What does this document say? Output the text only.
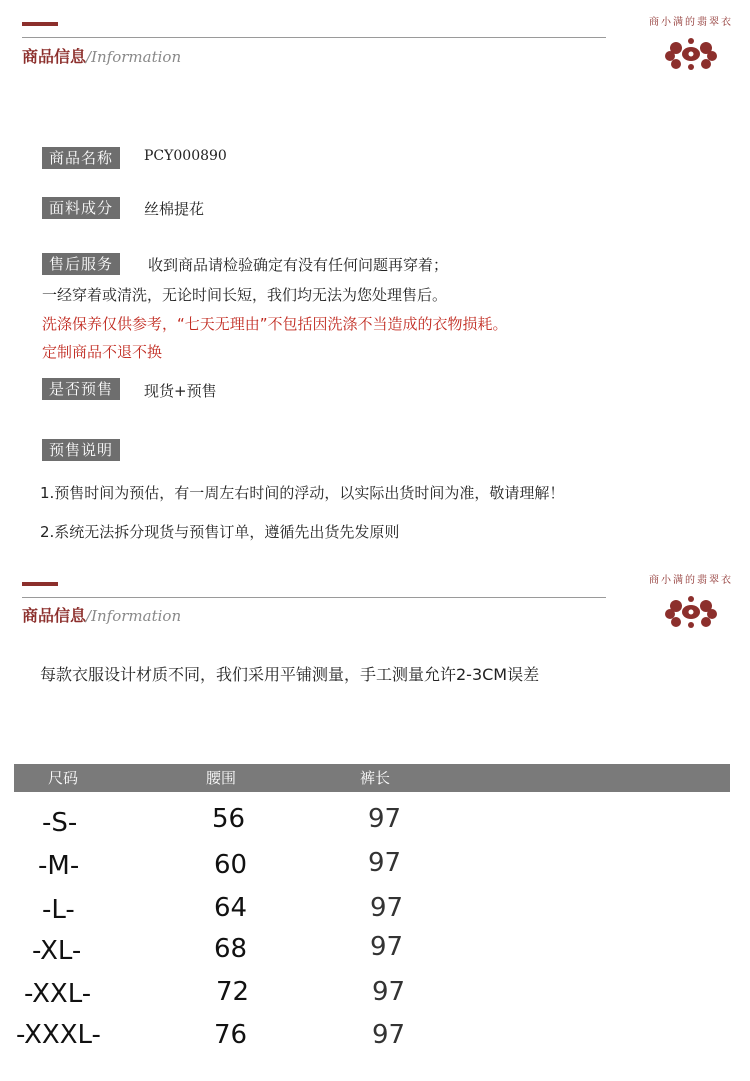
商品信息/Information
商小满的翡翠衣
商品名称	PCY000890
面料成分	丝棉提花
售后服务	收到商品请检验确定有没有任何问题再穿着；
一经穿着或清洗，无论时间长短，我们均无法为您处理售后。
洗涤保养仅供参考，“七天无理由”不包括因洗涤不当造成的衣物损耗。
定制商品不退不换
是否预售	现货+预售
预售说明
1.预售时间为预估，有一周左右时间的浮动，以实际出货时间为准，敬请理解！
2.系统无法拆分现货与预售订单，遵循先出货先发原则
商品信息/Information
商小满的翡翠衣
每款衣服设计材质不同，我们采用平铺测量，手工测量允许2-3CM误差
尺码	腰围	裤长
-S-	56	97
-M-	60	97
-L-	64	97
-XL-	68	97
-XXL-	72	97
-XXXL-	76	97
